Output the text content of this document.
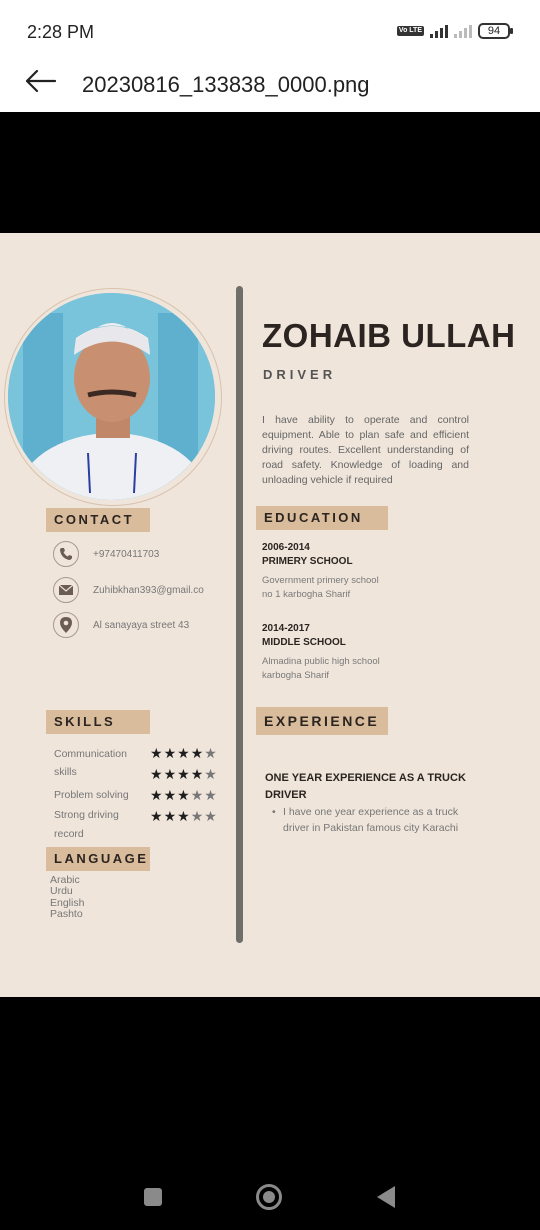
2:28 PM	Vo LTE	94
20230816_133838_0000.png
ZOHAIB ULLAH
DRIVER
I have ability to operate and control equipment. Able to plan safe and efficient driving routes. Excellent understanding of road safety. Knowledge of loading and unloading vehicle if required
CONTACT
+97470411703
Zuhibkhan393@gmail.co
Al sanayaya street 43
EDUCATION
2006-2014
PRIMERY SCHOOL
Government primery school no 1 karbogha Sharif
2014-2017
MIDDLE SCHOOL
Almadina public high school karbogha Sharif
SKILLS
Communication ★★★★★
skills	★★★★★
Problem solving ★★★★★
Strong driving ★★★★★
record
LANGUAGE
Arabic
Urdu
English
Pashto
EXPERIENCE
ONE YEAR EXPERIENCE AS A TRUCK DRIVER
• I have one year experience as a truck driver in Pakistan famous city Karachi
